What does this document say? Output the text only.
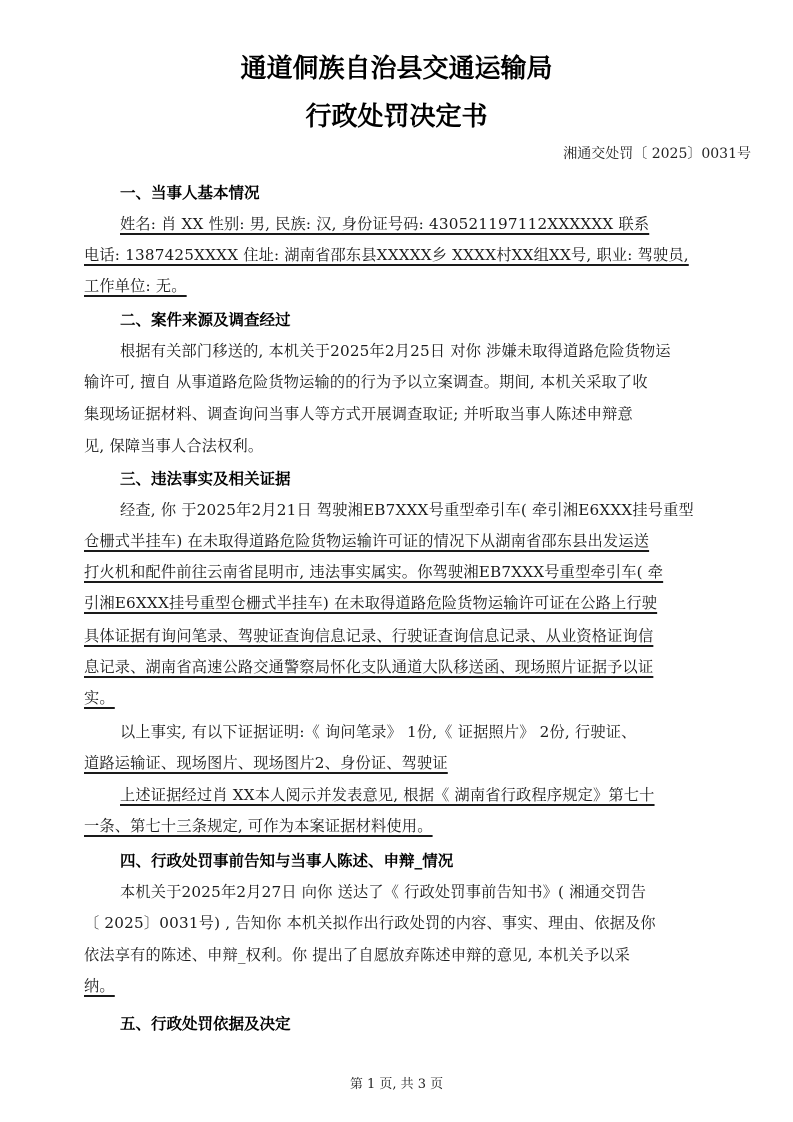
通道侗族自治县交通运输局
行政处罚决定书
湘通交处罚〔 2025〕0031号
一、当事人基本情况
姓名: 肖 XX 性别: 男, 民族: 汉, 身份证号码: 430521197112XXXXXX 联系
电话: 1387425XXXX 住址: 湖南省邵东县XXXXX乡 XXXX村XX组XX号, 职业: 驾驶员,
工作单位: 无。
二、案件来源及调查经过
根据有关部门移送的, 本机关于2025年2月25日 对你 涉嫌未取得道路危险货物运
输许可, 擅自 从事道路危险货物运输的的行为予以立案调查。期间, 本机关采取了收
集现场证据材料、调查询问当事人等方式开展调查取证; 并听取当事人陈述申辩意
见, 保障当事人合法权利。
三、违法事实及相关证据
经查, 你 于2025年2月21日 驾驶湘EB7XXX号重型牵引车( 牵引湘E6XXX挂号重型
仓栅式半挂车) 在未取得道路危险货物运输许可证的情况下从湖南省邵东县出发运送
打火机和配件前往云南省昆明市, 违法事实属实。你驾驶湘EB7XXX号重型牵引车( 牵
引湘E6XXX挂号重型仓栅式半挂车) 在未取得道路危险货物运输许可证在公路上行驶
具体证据有询问笔录、驾驶证查询信息记录、行驶证查询信息记录、从业资格证询信
息记录、湖南省高速公路交通警察局怀化支队通道大队移送函、现场照片证据予以证
实。
以上事实, 有以下证据证明:《 询问笔录》 1份,《 证据照片》 2份, 行驶证、
道路运输证、现场图片、现场图片2、身份证、驾驶证
上述证据经过肖 XX本人阅示并发表意见, 根据《 湖南省行政程序规定》第七十
一条、第七十三条规定, 可作为本案证据材料使用。
四、行政处罚事前告知与当事人陈述、申辩_情况
本机关于2025年2月27日 向你 送达了《 行政处罚事前告知书》( 湘通交罚告
〔 2025〕0031号) , 告知你 本机关拟作出行政处罚的内容、事实、理由、依据及你
依法享有的陈述、申辩_权利。你 提出了自愿放弃陈述申辩的意见, 本机关予以采
纳。
五、行政处罚依据及决定
第 1 页, 共 3 页
